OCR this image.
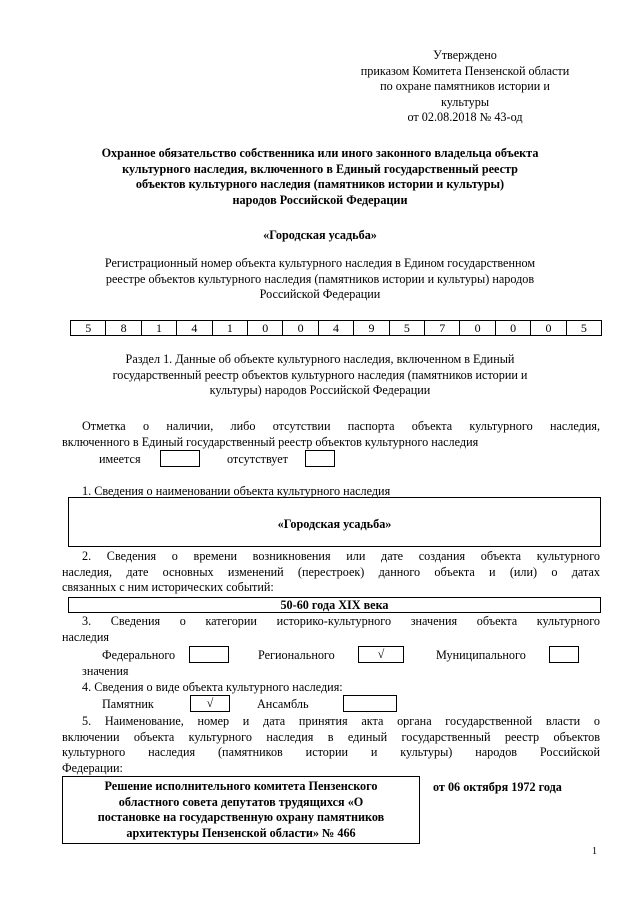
Утверждено
приказом Комитета Пензенской области
по охране памятников истории и
культуры
от 02.08.2018 № 43-од
Охранное обязательство собственника или иного законного владельца объекта
культурного наследия, включенного в Единый государственный реестр
объектов культурного наследия (памятников истории и культуры)
народов Российской Федерации
«Городская усадьба»
Регистрационный номер объекта культурного наследия в Едином государственном
реестре объектов культурного наследия (памятников истории и культуры) народов
Российской Федерации
5	8	1	4	1	0	0	4	9	5	7	0	0	0	5
Раздел 1. Данные об объекте культурного наследия, включенном в Единый
государственный реестр объектов культурного наследия (памятников истории и
культуры) народов Российской Федерации
Отметка о наличии, либо отсутствии паспорта объекта культурного наследия,
включенного в Единый государственный реестр объектов культурного наследия
имеется	отсутствует
1. Сведения о наименовании объекта культурного наследия
«Городская усадьба»
2. Сведения о времени возникновения или дате создания объекта культурного
наследия, дате основных изменений (перестроек) данного объекта и (или) о датах
связанных с ним исторических событий:
50-60 года XIX века
3. Сведения о категории историко-культурного значения объекта культурного
наследия
Федерального	Регионального	√	Муниципального
значения
4. Сведения о виде объекта культурного наследия:
Памятник	√	Ансамбль
5. Наименование, номер и дата принятия акта органа государственной власти о
включении объекта культурного наследия в единый государственный реестр объектов
культурного наследия (памятников истории и культуры) народов Российской
Федерации:
Решение исполнительного комитета Пензенского
областного совета депутатов трудящихся «О
постановке на государственную охрану памятников
архитектуры Пензенской области» № 466
от 06 октября 1972 года
1
